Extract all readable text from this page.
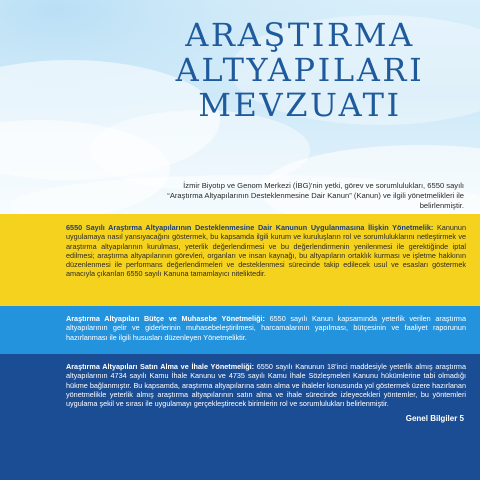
ARAŞTIRMA
ALTYAPILARI
MEVZUATI
İzmir Biyotıp ve Genom Merkezi (İBG)'nin yetki, görev ve sorumlulukları, 6550 sayılı “Araştırma Altyapılarının Desteklenmesine Dair Kanun” (Kanun) ve ilgili yönetmelikleri ile belirlenmiştir.

6550 Sayılı Araştırma Altyapılarının Desteklenmesine Dair Kanunun Uygulanmasına İlişkin Yönetmelik: Kanunun uygulamaya nasıl yansıyacağını göstermek, bu kapsamda ilgili kurum ve kuruluşların rol ve sorumluluklarını netleştirmek ve araştırma altyapılarının kurulması, yeterlik değerlendirmesi ve bu değerlendirmenin yenilenmesi ile gerektiğinde iptal edilmesi; araştırma altyapılarının görevleri, organları ve insan kaynağı, bu altyapıların ortaklık kurması ve işletme hakkının düzenlenmesi ile performans değerlendirmeleri ve desteklenmesi sürecinde takip edilecek usul ve esasları göstermek amacıyla çıkarılan 6550 sayılı Kanuna tamamlayıcı niteliktedir.

Araştırma Altyapıları Bütçe ve Muhasebe Yönetmeliği: 6550 sayılı Kanun kapsamında yeterlik verilen araştırma altyapılarının gelir ve giderlerinin muhasebeleştirilmesi, harcamalarının yapılması, bütçesinin ve faaliyet raporunun hazırlanması ile ilgili hususları düzenleyen Yönetmeliktir.

Araştırma Altyapıları Satın Alma ve İhale Yönetmeliği: 6550 sayılı Kanunun 18’inci maddesiyle yeterlik almış araştırma altyapılarının 4734 sayılı Kamu İhale Kanunu ve 4735 sayılı Kamu İhale Sözleşmeleri Kanunu hükümlerine tabi olmadığı hükme bağlanmıştır. Bu kapsamda, araştırma altyapılarına satın alma ve ihaleler konusunda yol göstermek üzere hazırlanan yönetmelikle yeterlik almış araştırma altyapılarının satın alma ve ihale sürecinde izleyecekleri yöntemler, bu yöntemleri uygulama şekil ve sırası ile uygulamayı gerçekleştirecek birimlerin rol ve sorumlulukları belirlenmiştir.

Genel Bilgiler 5
